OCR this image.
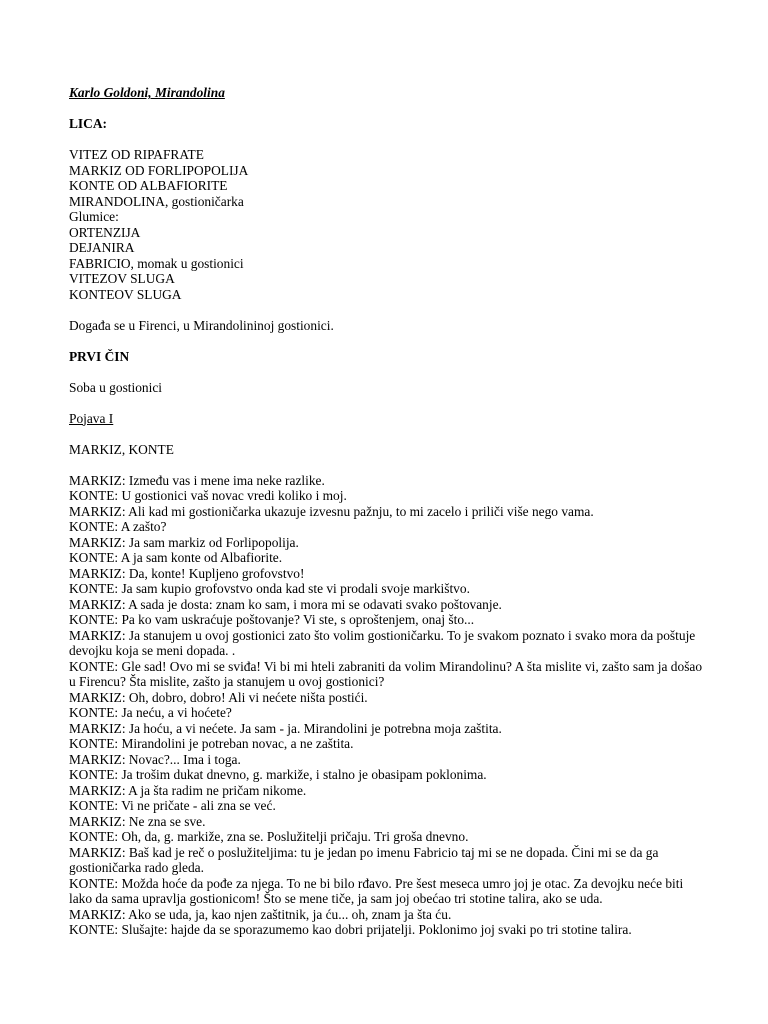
Karlo Goldoni, Mirandolina
LICA:
VITEZ OD RIPAFRATE
MARKIZ OD FORLIPOPOLIJA
KONTE OD ALBAFIORITE
MIRANDOLINA, gostioničarka
Glumice:
ORTENZIJA
DEJANIRA
FABRICIO, momak u gostionici
VITEZOV SLUGA
KONTEOV SLUGA
Događa se u Firenci, u Mirandolininoj gostionici.
PRVI ČIN
Soba u gostionici
Pojava I
MARKIZ, KONTE
MARKIZ: Između vas i mene ima neke razlike.
KONTE: U gostionici vaš novac vredi koliko i moj.
MARKIZ: Ali kad mi gostioničarka ukazuje izvesnu pažnju, to mi zacelo i priliči više nego vama.
KONTE: A zašto?
MARKIZ: Ja sam markiz od Forlipopolija.
KONTE: A ja sam konte od Albafiorite.
MARKIZ: Da, konte! Kupljeno grofovstvo!
KONTE: Ja sam kupio grofovstvo onda kad ste vi prodali svoje markištvo.
MARKIZ: A sada je dosta: znam ko sam, i mora mi se odavati svako poštovanje.
KONTE: Pa ko vam uskraćuje poštovanje? Vi ste, s oproštenjem, onaj što...
MARKIZ: Ja stanujem u ovoj gostionici zato što volim gostioničarku. To je svakom poznato i svako mora da poštuje devojku koja se meni dopada. .
KONTE: Gle sad! Ovo mi se sviđa! Vi bi mi hteli zabraniti da volim Mirandolinu? A šta mislite vi, zašto sam ja došao u Firencu? Šta mislite, zašto ja stanujem u ovoj gostionici?
MARKIZ: Oh, dobro, dobro! Ali vi nećete ništa postići.
KONTE: Ja neću, a vi hoćete?
MARKIZ: Ja hoću, a vi nećete. Ja sam - ja. Mirandolini je potrebna moja zaštita.
KONTE: Mirandolini je potreban novac, a ne zaštita.
MARKIZ: Novac?... Ima i toga.
KONTE: Ja trošim dukat dnevno, g. markiže, i stalno je obasipam poklonima.
MARKIZ: A ja šta radim ne pričam nikome.
KONTE: Vi ne pričate - ali zna se već.
MARKIZ: Ne zna se sve.
KONTE: Oh, da, g. markiže, zna se. Poslužitelji pričaju. Tri groša dnevno.
MARKIZ: Baš kad je reč o poslužiteljima: tu je jedan po imenu Fabricio taj mi se ne dopada. Čini mi se da ga gostioničarka rado gleda.
KONTE: Možda hoće da pođe za njega. To ne bi bilo rđavo. Pre šest meseca umro joj je otac. Za devojku neće biti lako da sama upravlja gostionicom! Što se mene tiče, ja sam joj obećao tri stotine talira, ako se uda.
MARKIZ: Ako se uda, ja, kao njen zaštitnik, ja ću... oh, znam ja šta ću.
KONTE: Slušajte: hajde da se sporazumemo kao dobri prijatelji. Poklonimo joj svaki po tri stotine talira.
